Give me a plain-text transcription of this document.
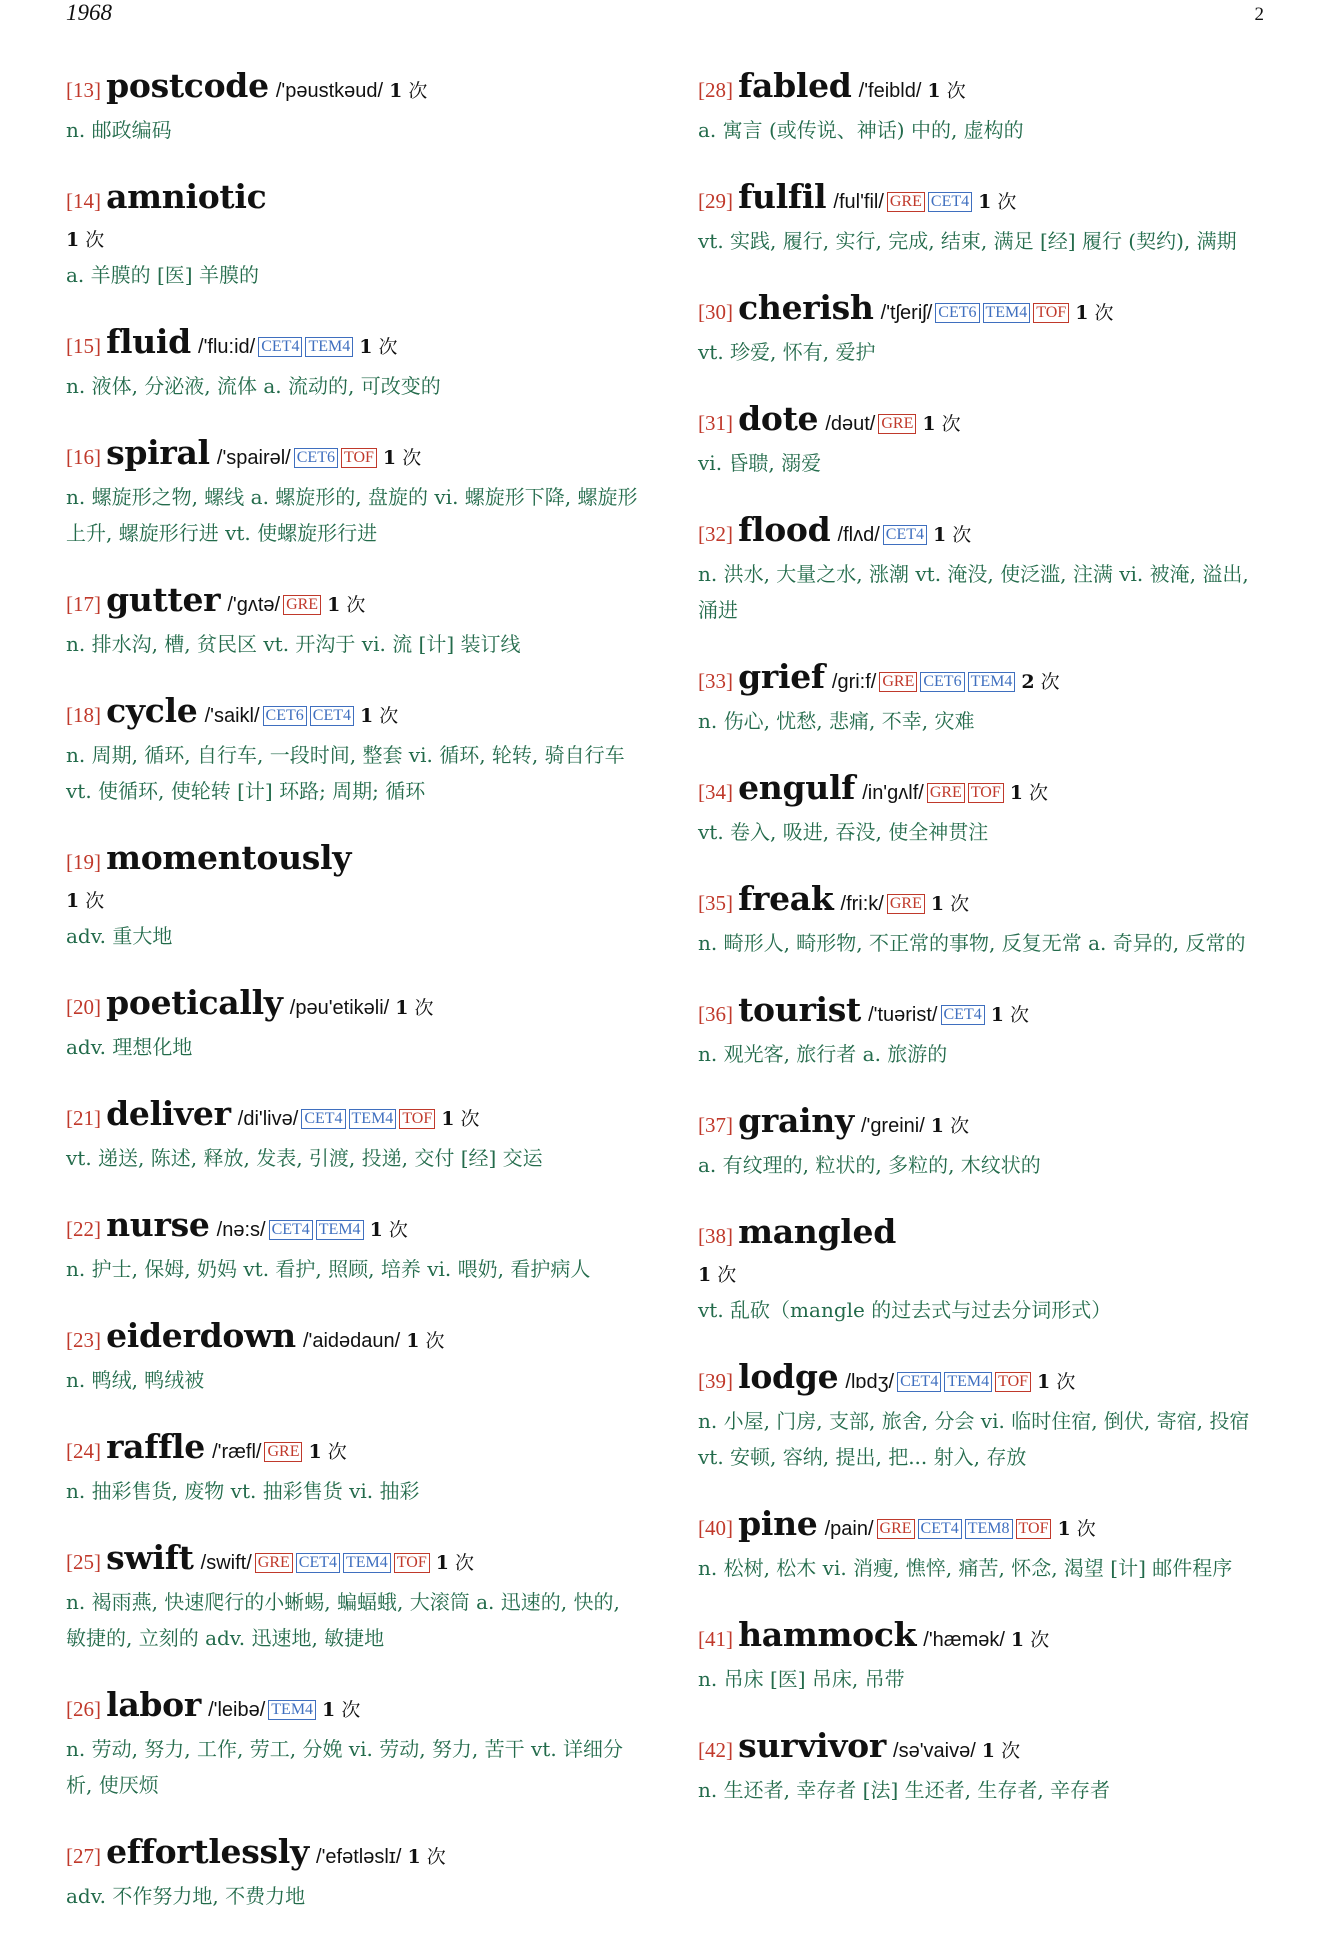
1968	2
[13] postcode /'pəustkəud/ 1 次
n. 邮政编码
[14] amniotic
1 次
a. 羊膜的 [医] 羊膜的
[15] fluid /'flu:id/ CET4 TEM4 1 次
n. 液体, 分泌液, 流体 a. 流动的, 可改变的
[16] spiral /'spairəl/ CET6 TOF 1 次
n. 螺旋形之物, 螺线 a. 螺旋形的, 盘旋的 vi. 螺旋形下降, 螺旋形上升, 螺旋形行进 vt. 使螺旋形行进
[17] gutter /'gʌtə/ GRE 1 次
n. 排水沟, 槽, 贫民区 vt. 开沟于 vi. 流 [计] 装订线
[18] cycle /'saikl/ CET6 CET4 1 次
n. 周期, 循环, 自行车, 一段时间, 整套 vi. 循环, 轮转, 骑自行车 vt. 使循环, 使轮转 [计] 环路; 周期; 循环
[19] momentously
1 次
adv. 重大地
[20] poetically /pəu'etikəli/ 1 次
adv. 理想化地
[21] deliver /di'livə/ CET4 TEM4 TOF 1 次
vt. 递送, 陈述, 释放, 发表, 引渡, 投递, 交付 [经] 交运
[22] nurse /nə:s/ CET4 TEM4 1 次
n. 护士, 保姆, 奶妈 vt. 看护, 照顾, 培养 vi. 喂奶, 看护病人
[23] eiderdown /'aidədaun/ 1 次
n. 鸭绒, 鸭绒被
[24] raffle /'ræfl/ GRE 1 次
n. 抽彩售货, 废物 vt. 抽彩售货 vi. 抽彩
[25] swift /swift/ GRE CET4 TEM4 TOF 1 次
n. 褐雨燕, 快速爬行的小蜥蜴, 蝙蝠蛾, 大滚筒 a. 迅速的, 快的, 敏捷的, 立刻的 adv. 迅速地, 敏捷地
[26] labor /'leibə/ TEM4 1 次
n. 劳动, 努力, 工作, 劳工, 分娩 vi. 劳动, 努力, 苦干 vt. 详细分析, 使厌烦
[27] effortlessly /'efətləslɪ/ 1 次
adv. 不作努力地, 不费力地
[28] fabled /'feibld/ 1 次
a. 寓言 (或传说、神话) 中的, 虚构的
[29] fulfil /ful'fil/ GRE CET4 1 次
vt. 实践, 履行, 实行, 完成, 结束, 满足 [经] 履行 (契约), 满期
[30] cherish /'tʃeriʃ/ CET6 TEM4 TOF 1 次
vt. 珍爱, 怀有, 爱护
[31] dote /dəut/ GRE 1 次
vi. 昏聩, 溺爱
[32] flood /flʌd/ CET4 1 次
n. 洪水, 大量之水, 涨潮 vt. 淹没, 使泛滥, 注满 vi. 被淹, 溢出, 涌进
[33] grief /gri:f/ GRE CET6 TEM4 2 次
n. 伤心, 忧愁, 悲痛, 不幸, 灾难
[34] engulf /in'gʌlf/ GRE TOF 1 次
vt. 卷入, 吸进, 吞没, 使全神贯注
[35] freak /fri:k/ GRE 1 次
n. 畸形人, 畸形物, 不正常的事物, 反复无常 a. 奇异的, 反常的
[36] tourist /'tuərist/ CET4 1 次
n. 观光客, 旅行者 a. 旅游的
[37] grainy /'greini/ 1 次
a. 有纹理的, 粒状的, 多粒的, 木纹状的
[38] mangled
1 次
vt. 乱砍（mangle 的过去式与过去分词形式）
[39] lodge /lɒdʒ/ CET4 TEM4 TOF 1 次
n. 小屋, 门房, 支部, 旅舍, 分会 vi. 临时住宿, 倒伏, 寄宿, 投宿 vt. 安顿, 容纳, 提出, 把... 射入, 存放
[40] pine /pain/ GRE CET4 TEM8 TOF 1 次
n. 松树, 松木 vi. 消瘦, 憔悴, 痛苦, 怀念, 渴望 [计] 邮件程序
[41] hammock /'hæmək/ 1 次
n. 吊床 [医] 吊床, 吊带
[42] survivor /sə'vaivə/ 1 次
n. 生还者, 幸存者 [法] 生还者, 生存者, 辛存者
